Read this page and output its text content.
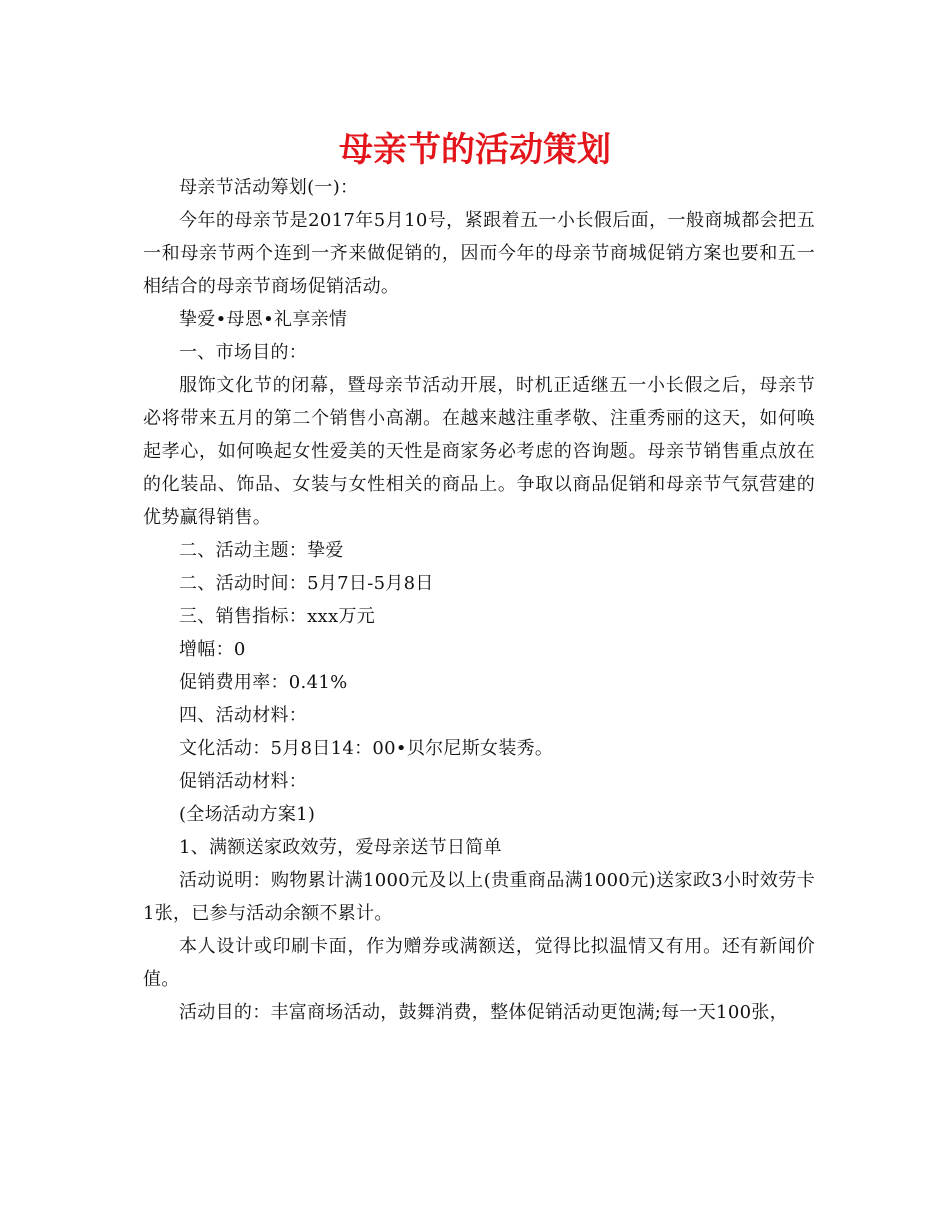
母亲节的活动策划

母亲节活动筹划(一)：

今年的母亲节是2017年5月10号，紧跟着五一小长假后面，一般商城都会把五一和母亲节两个连到一齐来做促销的，因而今年的母亲节商城促销方案也要和五一相结合的母亲节商场促销活动。

挚爱•母恩•礼享亲情

一、市场目的：

服饰文化节的闭幕，暨母亲节活动开展，时机正适继五一小长假之后，母亲节必将带来五月的第二个销售小高潮。在越来越注重孝敬、注重秀丽的这天，如何唤起孝心，如何唤起女性爱美的天性是商家务必考虑的咨询题。母亲节销售重点放在的化装品、饰品、女装与女性相关的商品上。争取以商品促销和母亲节气氛营建的优势赢得销售。

二、活动主题：挚爱

二、活动时间：5月7日-5月8日

三、销售指标：xxx万元

增幅：0

促销费用率：0.41%

四、活动材料：

文化活动：5月8日14：00•贝尔尼斯女装秀。

促销活动材料：

(全场活动方案1)

1、满额送家政效劳，爱母亲送节日简单

活动说明：购物累计满1000元及以上(贵重商品满1000元)送家政3小时效劳卡1张，已参与活动余额不累计。

本人设计或印刷卡面，作为赠券或满额送，觉得比拟温情又有用。还有新闻价值。

活动目的：丰富商场活动，鼓舞消费，整体促销活动更饱满;每一天100张，
